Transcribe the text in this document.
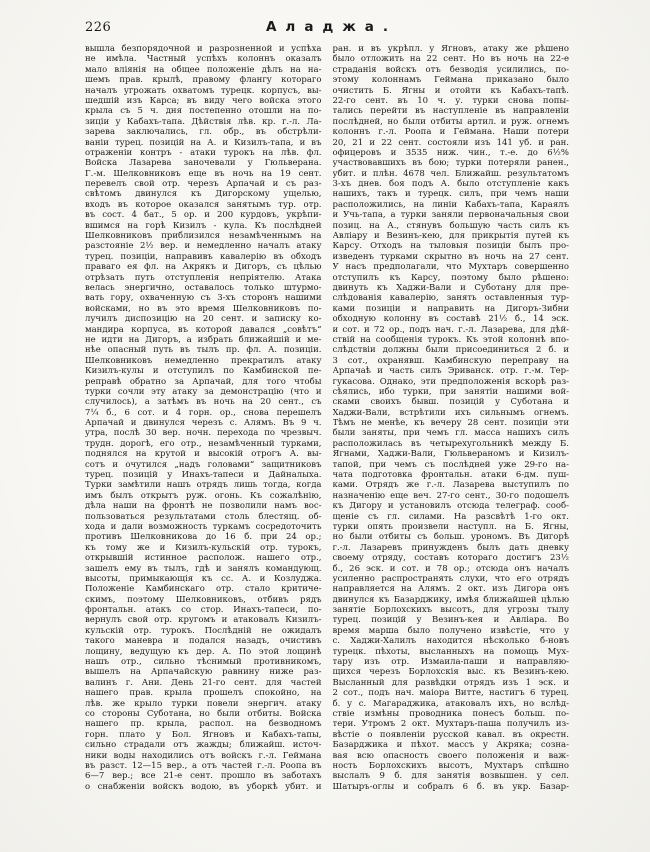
226	Аладжа.
вышла безпорядочной и разрозненной и успѣха
не имѣла. Частный успѣхъ колоннъ оказалъ
мало вліянія на общее положеніе дѣлъ на на-
шемъ прав. крылѣ, правому флангу котораго
началъ угрожать охватомъ турецк. корпусъ, вы-
шедшій изъ Карса; въ виду чего войска этого
крыла съ 5 ч. дня постепенно отошли на по-
зиціи у Кабахъ-тапа. Дѣйствія лѣв. кр. г.-л. Ла-
зарева заключались, гл. обр., въ обстрѣли-
ваніи турец. позицій на А. и Кизилъ-тапа, и въ
отраженіи контръ - атаки турокъ на лѣв. фл.
Войска Лазарева заночевали у Гюльверана.
Г.-м. Шелковниковъ еще въ ночь на 19 сент.
перевелъ свой отр. черезъ Арпачай и съ раз-
свѣтомъ двинулся къ Дигорскому ущелью,
входъ въ которое оказался занятымъ тур. отр.
въ сост. 4 бат., 5 ор. и 200 курдовъ, укрѣпи-
вшимся на горѣ Кизилъ - кула. Къ послѣдней
Шелковниковъ приблизился незамѣченнымъ на
разстояніе 2½ вер. и немедленно началъ атаку
турец. позиціи, направивъ кавалерію въ обходъ
праваго ея фл. на Акрякъ и Дигоръ, съ цѣлью
отрѣзать путь отступленія непріятелю. Атака
велась энергично, оставалось только штурмо-
вать гору, охваченную съ 3-хъ сторонъ нашими
войсками, но въ это время Шелковниковъ по-
лучилъ диспозицію на 20 сент. и записку ко-
мандира корпуса, въ которой давался „совѣтъ“
не идти на Дигоръ, а избрать ближайшій и ме-
нѣе опасный путь въ тылъ пр. фл. А. позиціи.
Шелковниковъ немедленно прекратилъ атаку
Кизилъ-кулы и отступилъ по Камбинской пе-
реправѣ обратно за Арпачай, для того чтобы
турки сочли эту атаку за демонстрацію (что и
случилось), а затѣмъ въ ночь на 20 сент., съ
7¼ б., 6 сот. и 4 горн. ор., снова перешелъ
Арпачай и двинулся черезъ с. Алямъ. Въ 9 ч.
утра, послѣ 30 вер. ночн. перехода по чрезвыч.
трудн. дорогѣ, его отр., незамѣченный турками,
поднялся на крутой и высокій отрогъ А. вы-
сотъ и очутился „надъ головами“ защитниковъ
турец. позицій у Инахъ-тапеси и Дайналыха.
Турки замѣтили нашъ отрядъ лишь тогда, когда
имъ былъ открытъ руж. огонь. Къ сожалѣнію,
дѣла наши на фронтѣ не позволили намъ вос-
пользоваться результатами столь блестящ. об-
хода и дали возможность туркамъ сосредоточить
противъ Шелковникова до 16 б. при 24 ор.;
къ тому же и Кизилъ-кульскій отр. турокъ,
открывшій истинное располож. нашего отр.,
зашелъ ему въ тылъ, гдѣ и занялъ командующ.
высоты, примыкающія къ сс. А. и Козлуджа.
Положеніе Камбинскаго отр. стало критиче-
скимъ, поэтому Шелковниковъ, отбивъ рядъ
фронтальн. атакъ со стор. Инахъ-тапеси, по-
вернулъ свой отр. кругомъ и атаковалъ Кизилъ-
кульскій отр. турокъ. Послѣдній не ожидалъ
такого маневра и подался назадъ, очистивъ
лощину, ведущую къ дер. А. По этой лощинѣ
нашъ отр., сильно тѣснимый противникомъ,
вышелъ на Арпачайскую равнину ниже раз-
валинъ г. Ани. День 21-го сент. для частей
нашего прав. крыла прошелъ спокойно, на
лѣв. же крыло турки повели энергич. атаку
со стороны Суботана, но были отбиты. Войска
нашего пр. крыла, распол. на безводномъ
горн. плато у Бол. Ягновъ и Кабахъ-тапы,
сильно страдали отъ жажды; ближайш. источ-
ники воды находились отъ войскъ г.-л. Геймана
въ разст. 12—15 вер., а отъ частей г.-л. Роопа въ
6—7 вер.; все 21-е сент. прошло въ заботахъ
о снабженіи войскъ водою, въ уборкѣ убит. и
ран. и въ укрѣпл. у Ягновъ, атаку же рѣшено
было отложить на 22 сент. Но въ ночь на 22-е
страданія войскъ отъ безводія усилились, по-
этому колоннамъ Геймана приказано было
очистить Б. Ягны и отойти къ Кабахъ-тапѣ.
22-го сент. въ 10 ч. у. турки снова попы-
тались перейти въ наступленіе въ направленіи
послѣдней, но были отбиты артил. и руж. огнемъ
колоннъ г.-л. Роопа и Геймана. Наши потери
20, 21 и 22 сент. состояли изъ 141 уб. и ран.
офицеровъ и 3535 ниж. чин., т.-е. до 6½%
участвовавшихъ въ бою; турки потеряли ранен.,
убит. и плѣн. 4678 чел. Ближайш. результатомъ
3-хъ днев. боя подъ А. было отступленіе какъ
нашихъ, такъ и турецк. силъ, при чемъ наши
расположились, на линіи Кабахъ-тапа, Караялъ
и Учь-тапа, а турки заняли первоначальныя свои
позиц. на А., стянувъ большую часть силъ къ
Авліару и Везинъ-кею, для прикрытія путей къ
Карсу. Отходъ на тыловыя позиціи былъ про-
изведенъ турками скрытно въ ночь на 27 сент.
У насъ предполагали, что Мухтаръ совершенно
отступилъ къ Карсу, поэтому было рѣшено:
двинуть къ Хаджи-Вали и Суботану для пре-
слѣдованія кавалерію, занять оставленныя тур-
ками позиціи и направить на Дигоръ-Зибни
обходную колонну въ составѣ 21½ б., 14 эск.
и сот. и 72 ор., подъ нач. г.-л. Лазарева, для дѣй-
ствій на сообщенія турокъ. Къ этой колоннѣ впо-
слѣдствіи должны были присоединиться 2 б. и
3 сот., охранявш. Камбинскую переправу на
Арпачаѣ и часть силъ Эриванск. отр. г.-м. Тер-
гукасова. Однако, эти предположенія вскорѣ раз-
сѣялись, ибо турки, при занятіи нашими вой-
сками своихъ бывш. позицій у Суботана и
Хаджи-Вали, встрѣтили ихъ сильнымъ огнемъ.
Тѣмъ не менѣе, къ вечеру 28 сент. позиціи эти
были заняты, при чемъ гл. масса нашихъ силъ
расположилась въ четырехугольникѣ между Б.
Ягнами, Хаджи-Вали, Гюльвераномъ и Кизилъ-
тапой, при чемъ съ послѣдней уже 29-го на-
чата подготовка фронтальн. атаки 6-дм. пуш-
ками. Отрядъ же г.-л. Лазарева выступилъ по
назначенію еще веч. 27-го сент., 30-го подошелъ
къ Дигору и установилъ отсюда телеграф. сооб-
щеніе съ гл. силами. На разсвѣтѣ 1-го окт.
турки опять произвели наступл. на Б. Ягны,
но были отбиты съ больш. урономъ. Въ Дигорѣ
г.-л. Лазаревъ принужденъ былъ дать дневку
своему отряду, составъ котораго достигъ 23½
б., 26 эск. и сот. и 78 ор.; отсюда онъ началъ
усиленно распространять слухи, что его отрядъ
направляется на Алямъ. 2 окт. изъ Дигора онъ
двинулся къ Базарджику, имѣя ближайшей цѣлью
занятіе Борлохскихъ высотъ, для угрозы тылу
турец. позицій у Везинъ-кея и Авліара. Во
время марша было получено извѣстіе, что у
с. Хаджи-Халилъ находится нѣсколько б-новъ
турецк. пѣхоты, высланныхъ на помощь Мух-
тару изъ отр. Измаила-паши и направляю-
щихся черезъ Борлохскія выс. къ Везинъ-кею.
Высланный для развѣдки отрядъ изъ 1 эск. и
2 сот., подъ нач. маіора Витте, настигъ 6 турец.
б. у с. Магараджика, атаковалъ ихъ, но вслѣд-
ствіе измѣны проводника понесъ больш. по-
тери. Утромъ 2 окт. Мухтаръ-паша получилъ из-
вѣстіе о появленіи русской кавал. въ окрестн.
Базарджика и пѣхот. массъ у Акряка; созна-
вая всю опасность своего положенія и важ-
ность Борлохскихъ высотъ, Мухтаръ спѣшно
выслалъ 9 б. для занятія возвышен. у сел.
Шатыръ-оглы и собралъ 6 б. въ укр. Базар-
